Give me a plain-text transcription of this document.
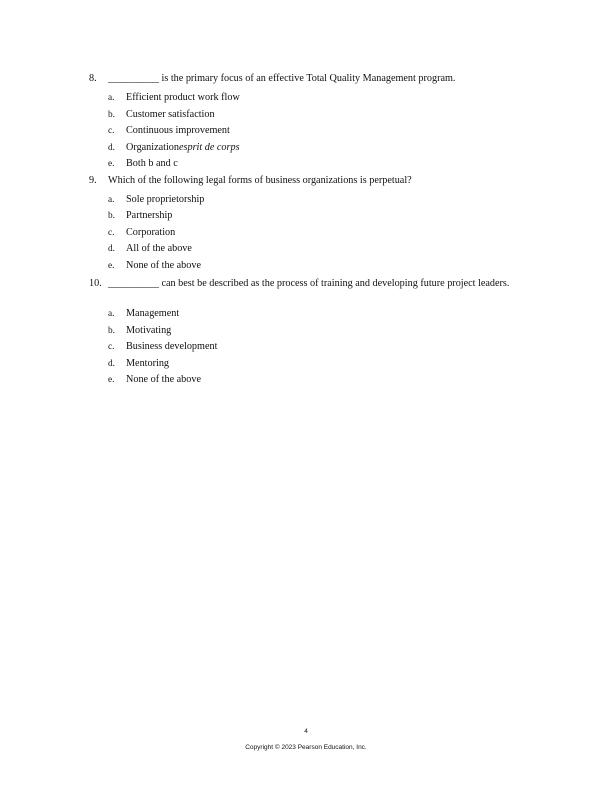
8. __________ is the primary focus of an effective Total Quality Management program.
a. Efficient product work flow
b. Customer satisfaction
c. Continuous improvement
d. Organizationesprit de corps
e. Both b and c
9. Which of the following legal forms of business organizations is perpetual?
a. Sole proprietorship
b. Partnership
c. Corporation
d. All of the above
e. None of the above
10. __________ can best be described as the process of training and developing future project leaders.
a. Management
b. Motivating
c. Business development
d. Mentoring
e. None of the above
4
Copyright © 2023 Pearson Education, Inc.
